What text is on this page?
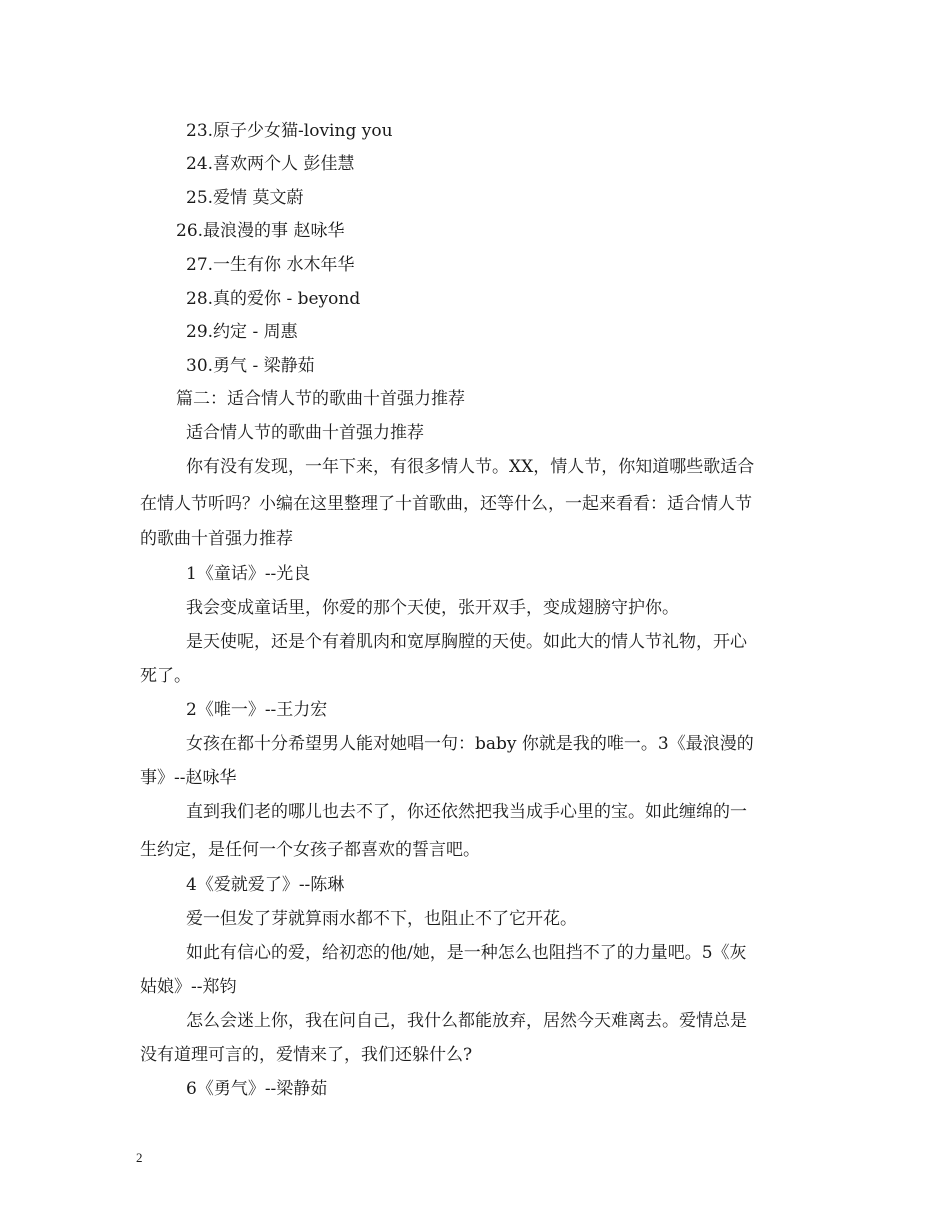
23.原子少女猫-loving you

24.喜欢两个人 彭佳慧

25.爱情 莫文蔚

26.最浪漫的事 赵咏华

27.一生有你 水木年华

28.真的爱你 - beyond

29.约定 - 周惠

30.勇气 - 梁静茹

篇二：适合情人节的歌曲十首强力推荐

适合情人节的歌曲十首强力推荐

你有没有发现，一年下来，有很多情人节。XX，情人节，你知道哪些歌适合

在情人节听吗？小编在这里整理了十首歌曲，还等什么，一起来看看：适合情人节

的歌曲十首强力推荐

1《童话》--光良

我会变成童话里，你爱的那个天使，张开双手，变成翅膀守护你。

是天使呢，还是个有着肌肉和宽厚胸膛的天使。如此大的情人节礼物，开心

死了。

2《唯一》--王力宏

女孩在都十分希望男人能对她唱一句：baby 你就是我的唯一。3《最浪漫的

事》--赵咏华

直到我们老的哪儿也去不了，你还依然把我当成手心里的宝。如此缠绵的一

生约定，是任何一个女孩子都喜欢的誓言吧。

4《爱就爱了》--陈琳

爱一但发了芽就算雨水都不下，也阻止不了它开花。

如此有信心的爱，给初恋的他/她，是一种怎么也阻挡不了的力量吧。5《灰

姑娘》--郑钧

怎么会迷上你，我在问自己，我什么都能放弃，居然今天难离去。爱情总是

没有道理可言的，爱情来了，我们还躲什么?

6《勇气》--梁静茹

2
